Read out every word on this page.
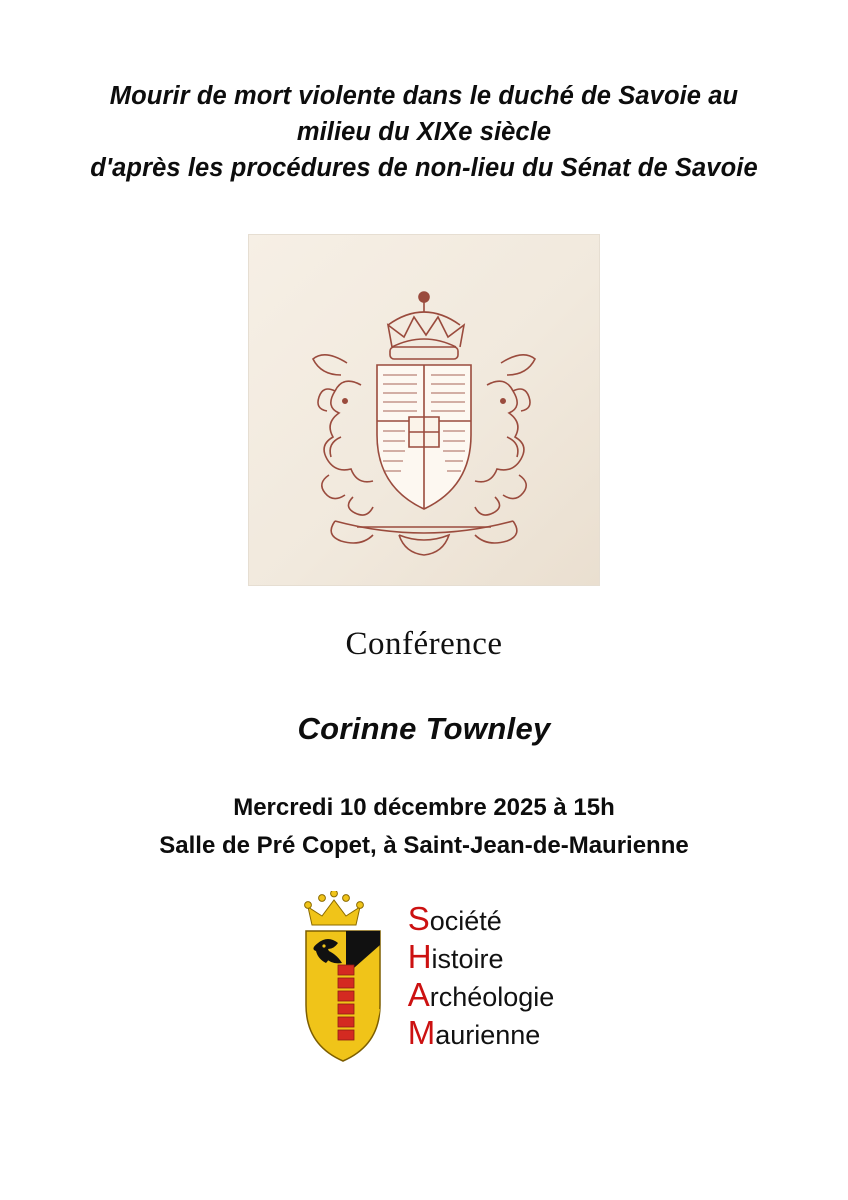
Mourir de mort violente dans le duché de Savoie au
milieu du XIXe siècle
d'après les procédures de non-lieu du Sénat de Savoie
Conférence
Corinne Townley
Mercredi 10 décembre 2025 à 15h
Salle de Pré Copet, à Saint-Jean-de-Maurienne
Société
Histoire
Archéologie
Maurienne
